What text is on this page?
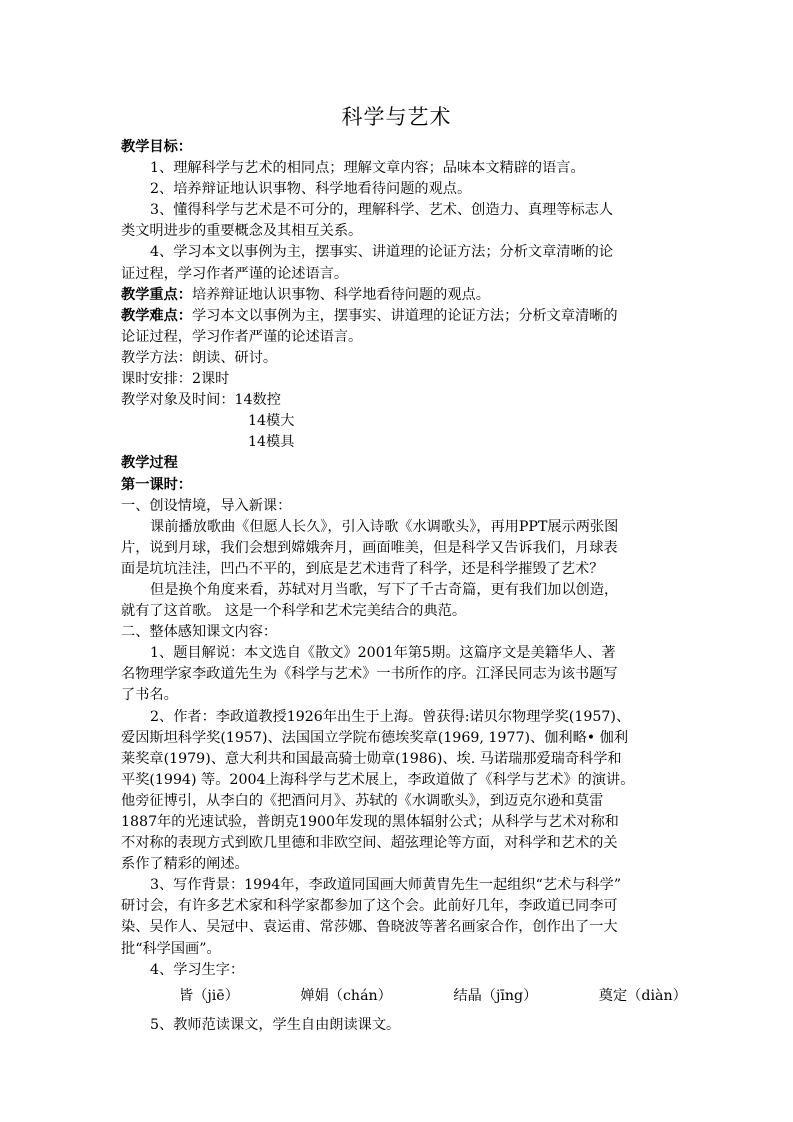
科学与艺术

教学目标：

1、理解科学与艺术的相同点；理解文章内容；品味本文精辟的语言。

2、培养辩证地认识事物、科学地看待问题的观点。

3、懂得科学与艺术是不可分的，理解科学、艺术、创造力、真理等标志人

类文明进步的重要概念及其相互关系。

4、学习本文以事例为主，摆事实、讲道理的论证方法；分析文章清晰的论

证过程，学习作者严谨的论述语言。

教学重点：培养辩证地认识事物、科学地看待问题的观点。

教学难点：学习本文以事例为主，摆事实、讲道理的论证方法；分析文章清晰的

论证过程，学习作者严谨的论述语言。

教学方法：朗读、研讨。

课时安排：2课时

教学对象及时间：14数控

14模大

14模具

教学过程

第一课时：

一、创设情境，导入新课：

课前播放歌曲《但愿人长久》，引入诗歌《水调歌头》，再用PPT展示两张图

片，说到月球，我们会想到嫦娥奔月，画面唯美，但是科学又告诉我们，月球表

面是坑坑洼洼，凹凸不平的，到底是艺术违背了科学，还是科学摧毁了艺术？

但是换个角度来看，苏轼对月当歌，写下了千古奇篇，更有我们加以创造，

就有了这首歌。 这是一个科学和艺术完美结合的典范。

二、整体感知课文内容：

1、题目解说：本文选自《散文》2001年第5期。这篇序文是美籍华人、著

名物理学家李政道先生为《科学与艺术》一书所作的序。江泽民同志为该书题写

了书名。

2、作者：李政道教授1926年出生于上海。曾获得:诺贝尔物理学奖(1957)、

爱因斯坦科学奖(1957)、法国国立学院布德埃奖章(1969, 1977)、伽利略• 伽利

莱奖章(1979)、意大利共和国最高骑士勋章(1986)、埃. 马诺瑞那爱瑞奇科学和

平奖(1994) 等。2004上海科学与艺术展上，李政道做了《科学与艺术》的演讲。

他旁征博引，从李白的《把酒问月》、苏轼的《水调歌头》，到迈克尔逊和莫雷

1887年的光速试验，普朗克1900年发现的黑体辐射公式；从科学与艺术对称和

不对称的表现方式到欧几里德和非欧空间、超弦理论等方面，对科学和艺术的关

系作了精彩的阐述。

3、写作背景：1994年，李政道同国画大师黄胄先生一起组织“艺术与科学”

研讨会，有许多艺术家和科学家都参加了这个会。此前好几年，李政道已同李可

染、吴作人、吴冠中、袁运甫、常莎娜、鲁晓波等著名画家合作，创作出了一大

批“科学国画”。

4、学习生字：

皆（jiē）	婵娟（chán）	结晶（jīng）	奠定（diàn）

5、教师范读课文，学生自由朗读课文。
